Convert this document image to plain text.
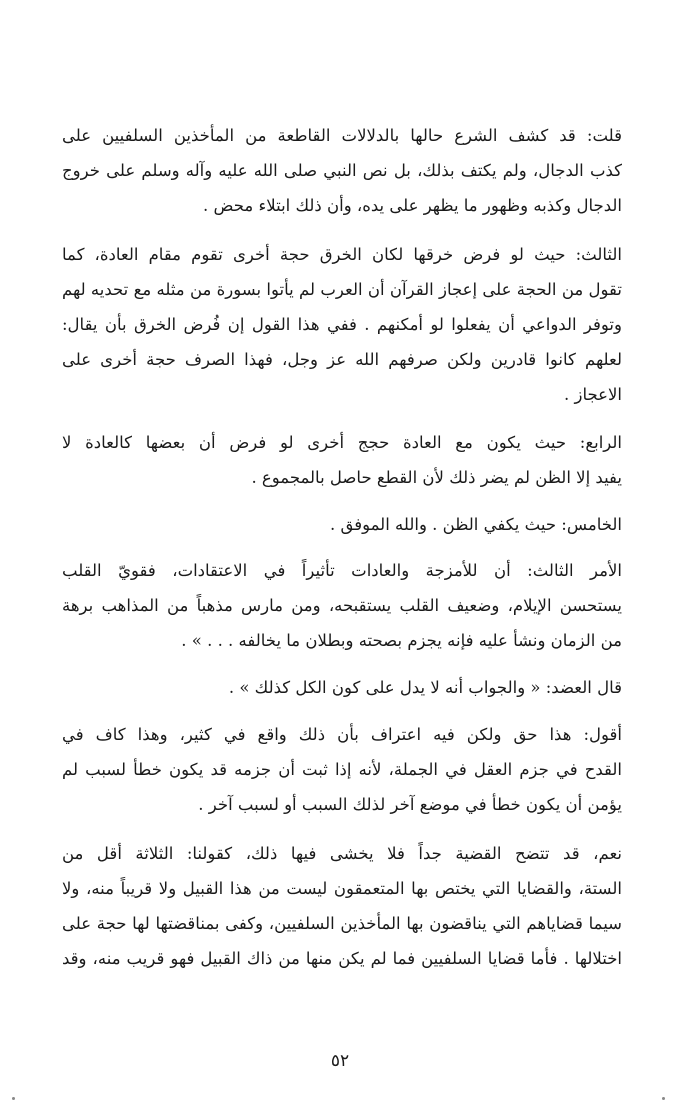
قلت: قد كشف الشرع حالها بالدلالات القاطعة من المأخذين السلفيين على
كذب الدجال، ولم يكتف بذلك، بل نص النبي صلى الله عليه وآله وسلم على خروج
الدجال وكذبه وظهور ما يظهر على يده، وأن ذلك ابتلاء محض .
الثالث: حيث لو فرض خرقها لكان الخرق حجة أخرى تقوم مقام العادة، كما
تقول من الحجة على إعجاز القرآن أن العرب لم يأتوا بسورة من مثله مع تحديه لهم
وتوفر الدواعي أن يفعلوا لو أمكنهم . ففي هذا القول إن فُرض الخرق بأن يقال:
لعلهم كانوا قادرين ولكن صرفهم الله عز وجل، فهذا الصرف حجة أخرى على
الاعجاز .
الرابع: حيث يكون مع العادة حجج أخرى لو فرض أن بعضها كالعادة لا
يفيد إلا الظن لم يضر ذلك لأن القطع حاصل بالمجموع .
الخامس: حيث يكفي الظن . والله الموفق .
الأمر الثالث: أن للأمزجة والعادات تأثيراً في الاعتقادات، فقويّ القلب
يستحسن الإيلام، وضعيف القلب يستقبحه، ومن مارس مذهباً من المذاهب برهة
من الزمان ونشأ عليه فإنه يجزم بصحته وبطلان ما يخالفه . . . » .
قال العضد: « والجواب أنه لا يدل على كون الكل كذلك » .
أقول: هذا حق ولكن فيه اعتراف بأن ذلك واقع في كثير، وهذا كاف في
القدح في جزم العقل في الجملة، لأنه إذا ثبت أن جزمه قد يكون خطأ لسبب لم
يؤمن أن يكون خطأ في موضع آخر لذلك السبب أو لسبب آخر .
نعم، قد تتضح القضية جداً فلا يخشى فيها ذلك، كقولنا: الثلاثة أقل من
الستة، والقضايا التي يختص بها المتعمقون ليست من هذا القبيل ولا قريباً منه، ولا
سيما قضاياهم التي يناقضون بها المأخذين السلفيين، وكفى بمناقضتها لها حجة على
اختلالها . فأما قضايا السلفيين فما لم يكن منها من ذاك القبيل فهو قريب منه، وقد
٥٢
